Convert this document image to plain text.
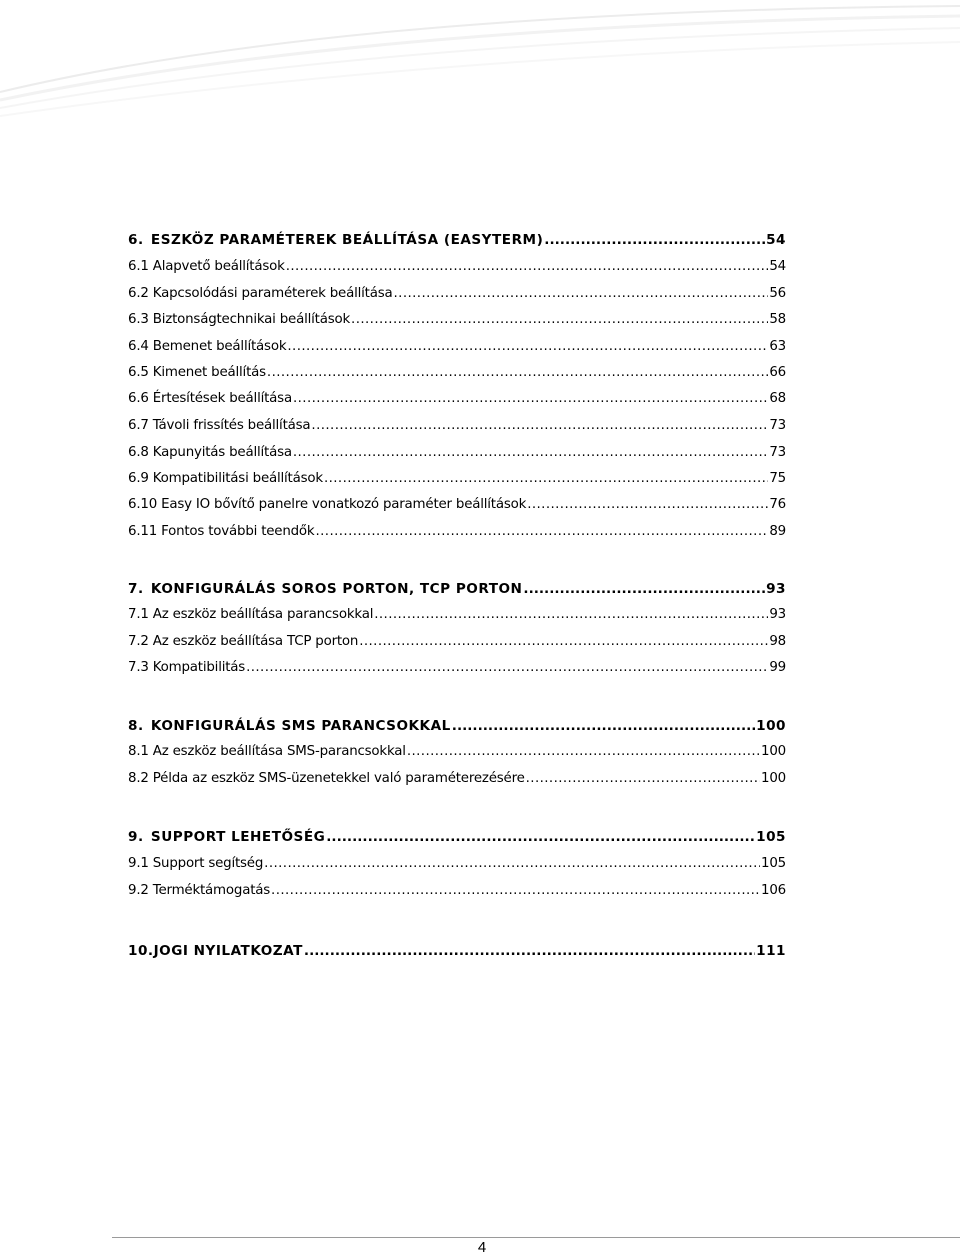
6. ESZKÖZ PARAMÉTEREK BEÁLLÍTÁSA (EASYTERM) .....	54
6.1 Alapvető beállítások .....	54
6.2 Kapcsolódási paraméterek beállítása .....	56
6.3 Biztonságtechnikai beállítások .....	58
6.4 Bemenet beállítások .....	63
6.5 Kimenet beállítás .....	66
6.6 Értesítések beállítása .....	68
6.7 Távoli frissítés beállítása .....	73
6.8 Kapunyitás beállítása .....	73
6.9 Kompatibilitási beállítások .....	75
6.10 Easy IO bővítő panelre vonatkozó paraméter beállítások .....	76
6.11 Fontos további teendők .....	89
7. KONFIGURÁLÁS SOROS PORTON, TCP PORTON .....	93
7.1 Az eszköz beállítása parancsokkal .....	93
7.2 Az eszköz beállítása TCP porton .....	98
7.3 Kompatibilitás .....	99
8. KONFIGURÁLÁS SMS PARANCSOKKAL .....	100
8.1 Az eszköz beállítása SMS-parancsokkal .....	100
8.2 Példa az eszköz SMS-üzenetekkel való paraméterezésére .....	100
9. SUPPORT LEHETŐSÉG .....	105
9.1 Support segítség .....	105
9.2 Terméktámogatás .....	106
10.JOGI NYILATKOZAT .....	111
4
